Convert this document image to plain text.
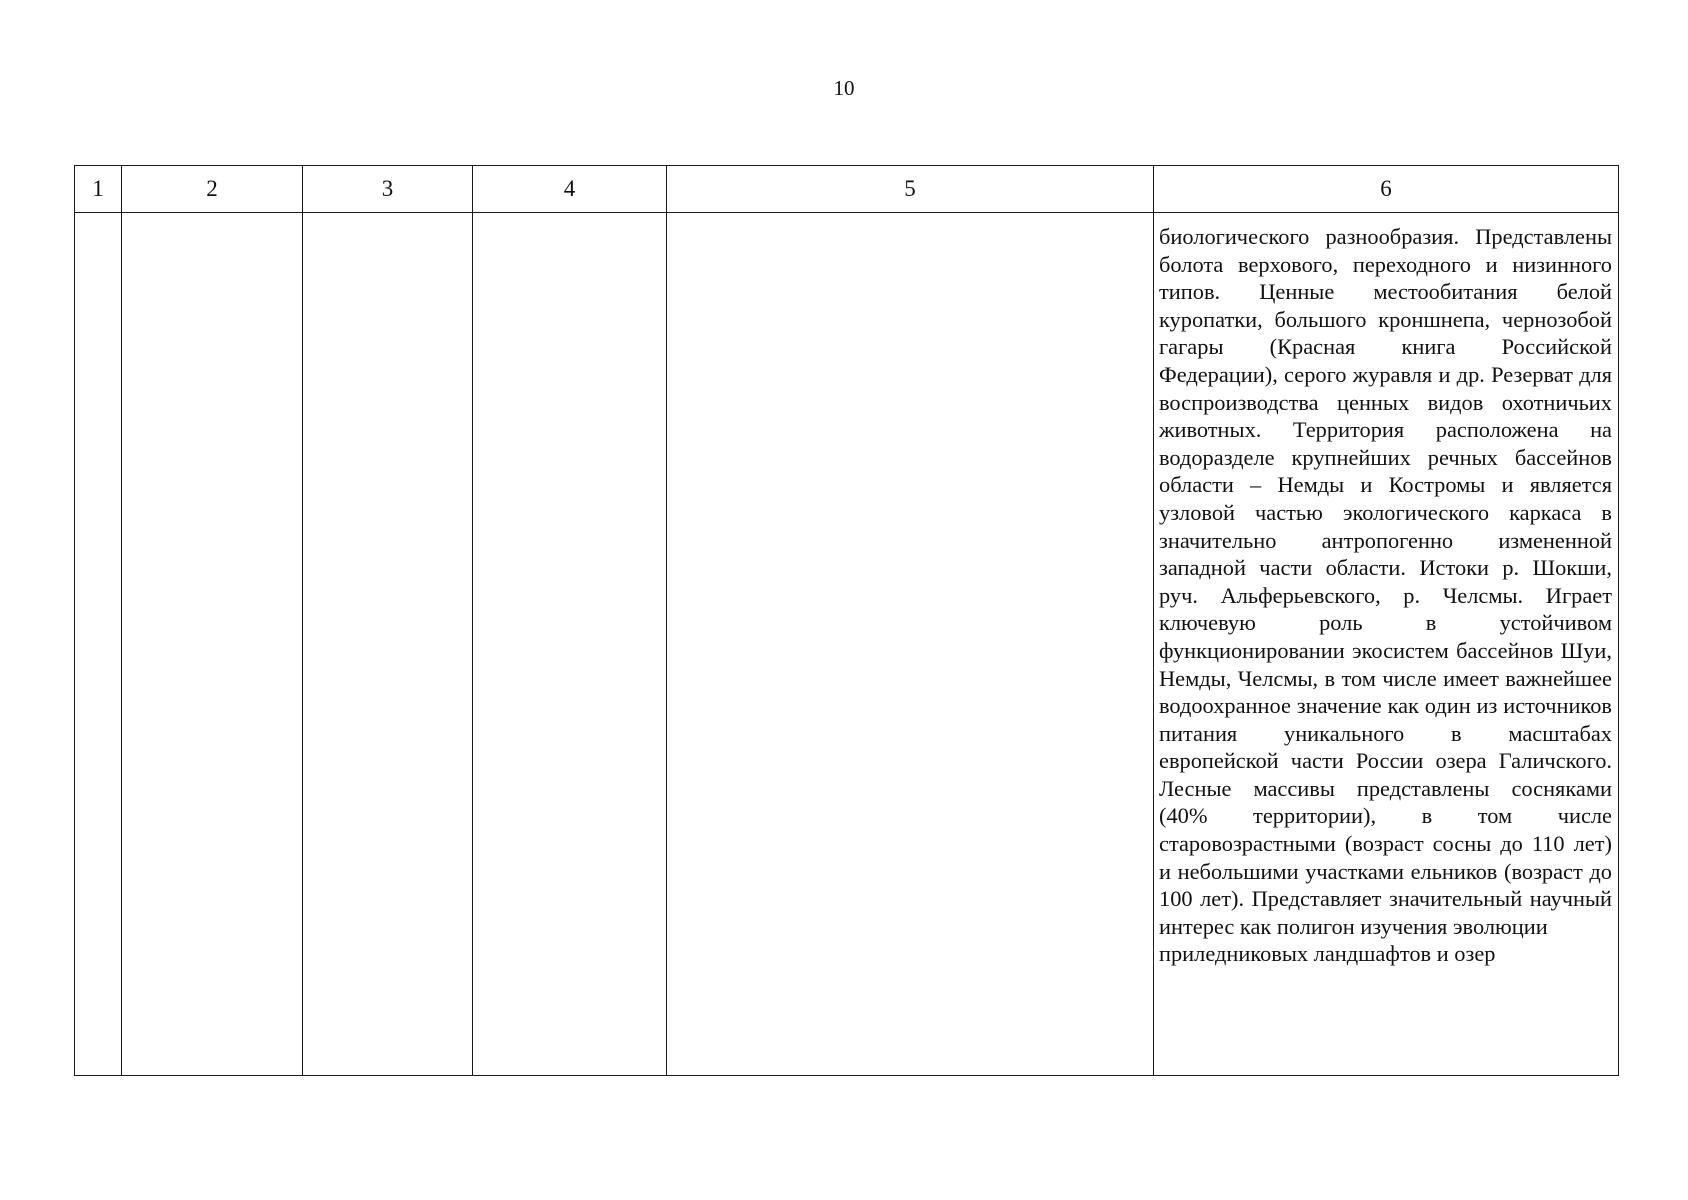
10
1	2	3	4	5	6
					биологического разнообразия. Представлены болота верхового, переходного и низинного типов. Ценные местообитания белой куропатки, большого кроншнепа, чернозобой гагары (Красная книга Российской Федерации), серого журавля и др. Резерват для воспроизводства ценных видов охотничьих животных. Территория расположена на водоразделе крупнейших речных бассейнов области – Немды и Костромы и является узловой частью экологического каркаса в значительно антропогенно измененной западной части области. Истоки р. Шокши, руч. Альферьевского, р. Челсмы. Играет ключевую роль в устойчивом функционировании экосистем бассейнов Шуи, Немды, Челсмы, в том числе имеет важнейшее водоохранное значение как один из источников питания уникального в масштабах европейской части России озера Галичского. Лесные массивы представлены сосняками (40% территории), в том числе старовозрастными (возраст сосны до 110 лет) и небольшими участками ельников (возраст до 100 лет). Представляет значительный научный интерес как полигон изучения эволюции
приледниковых ландшафтов и озер
